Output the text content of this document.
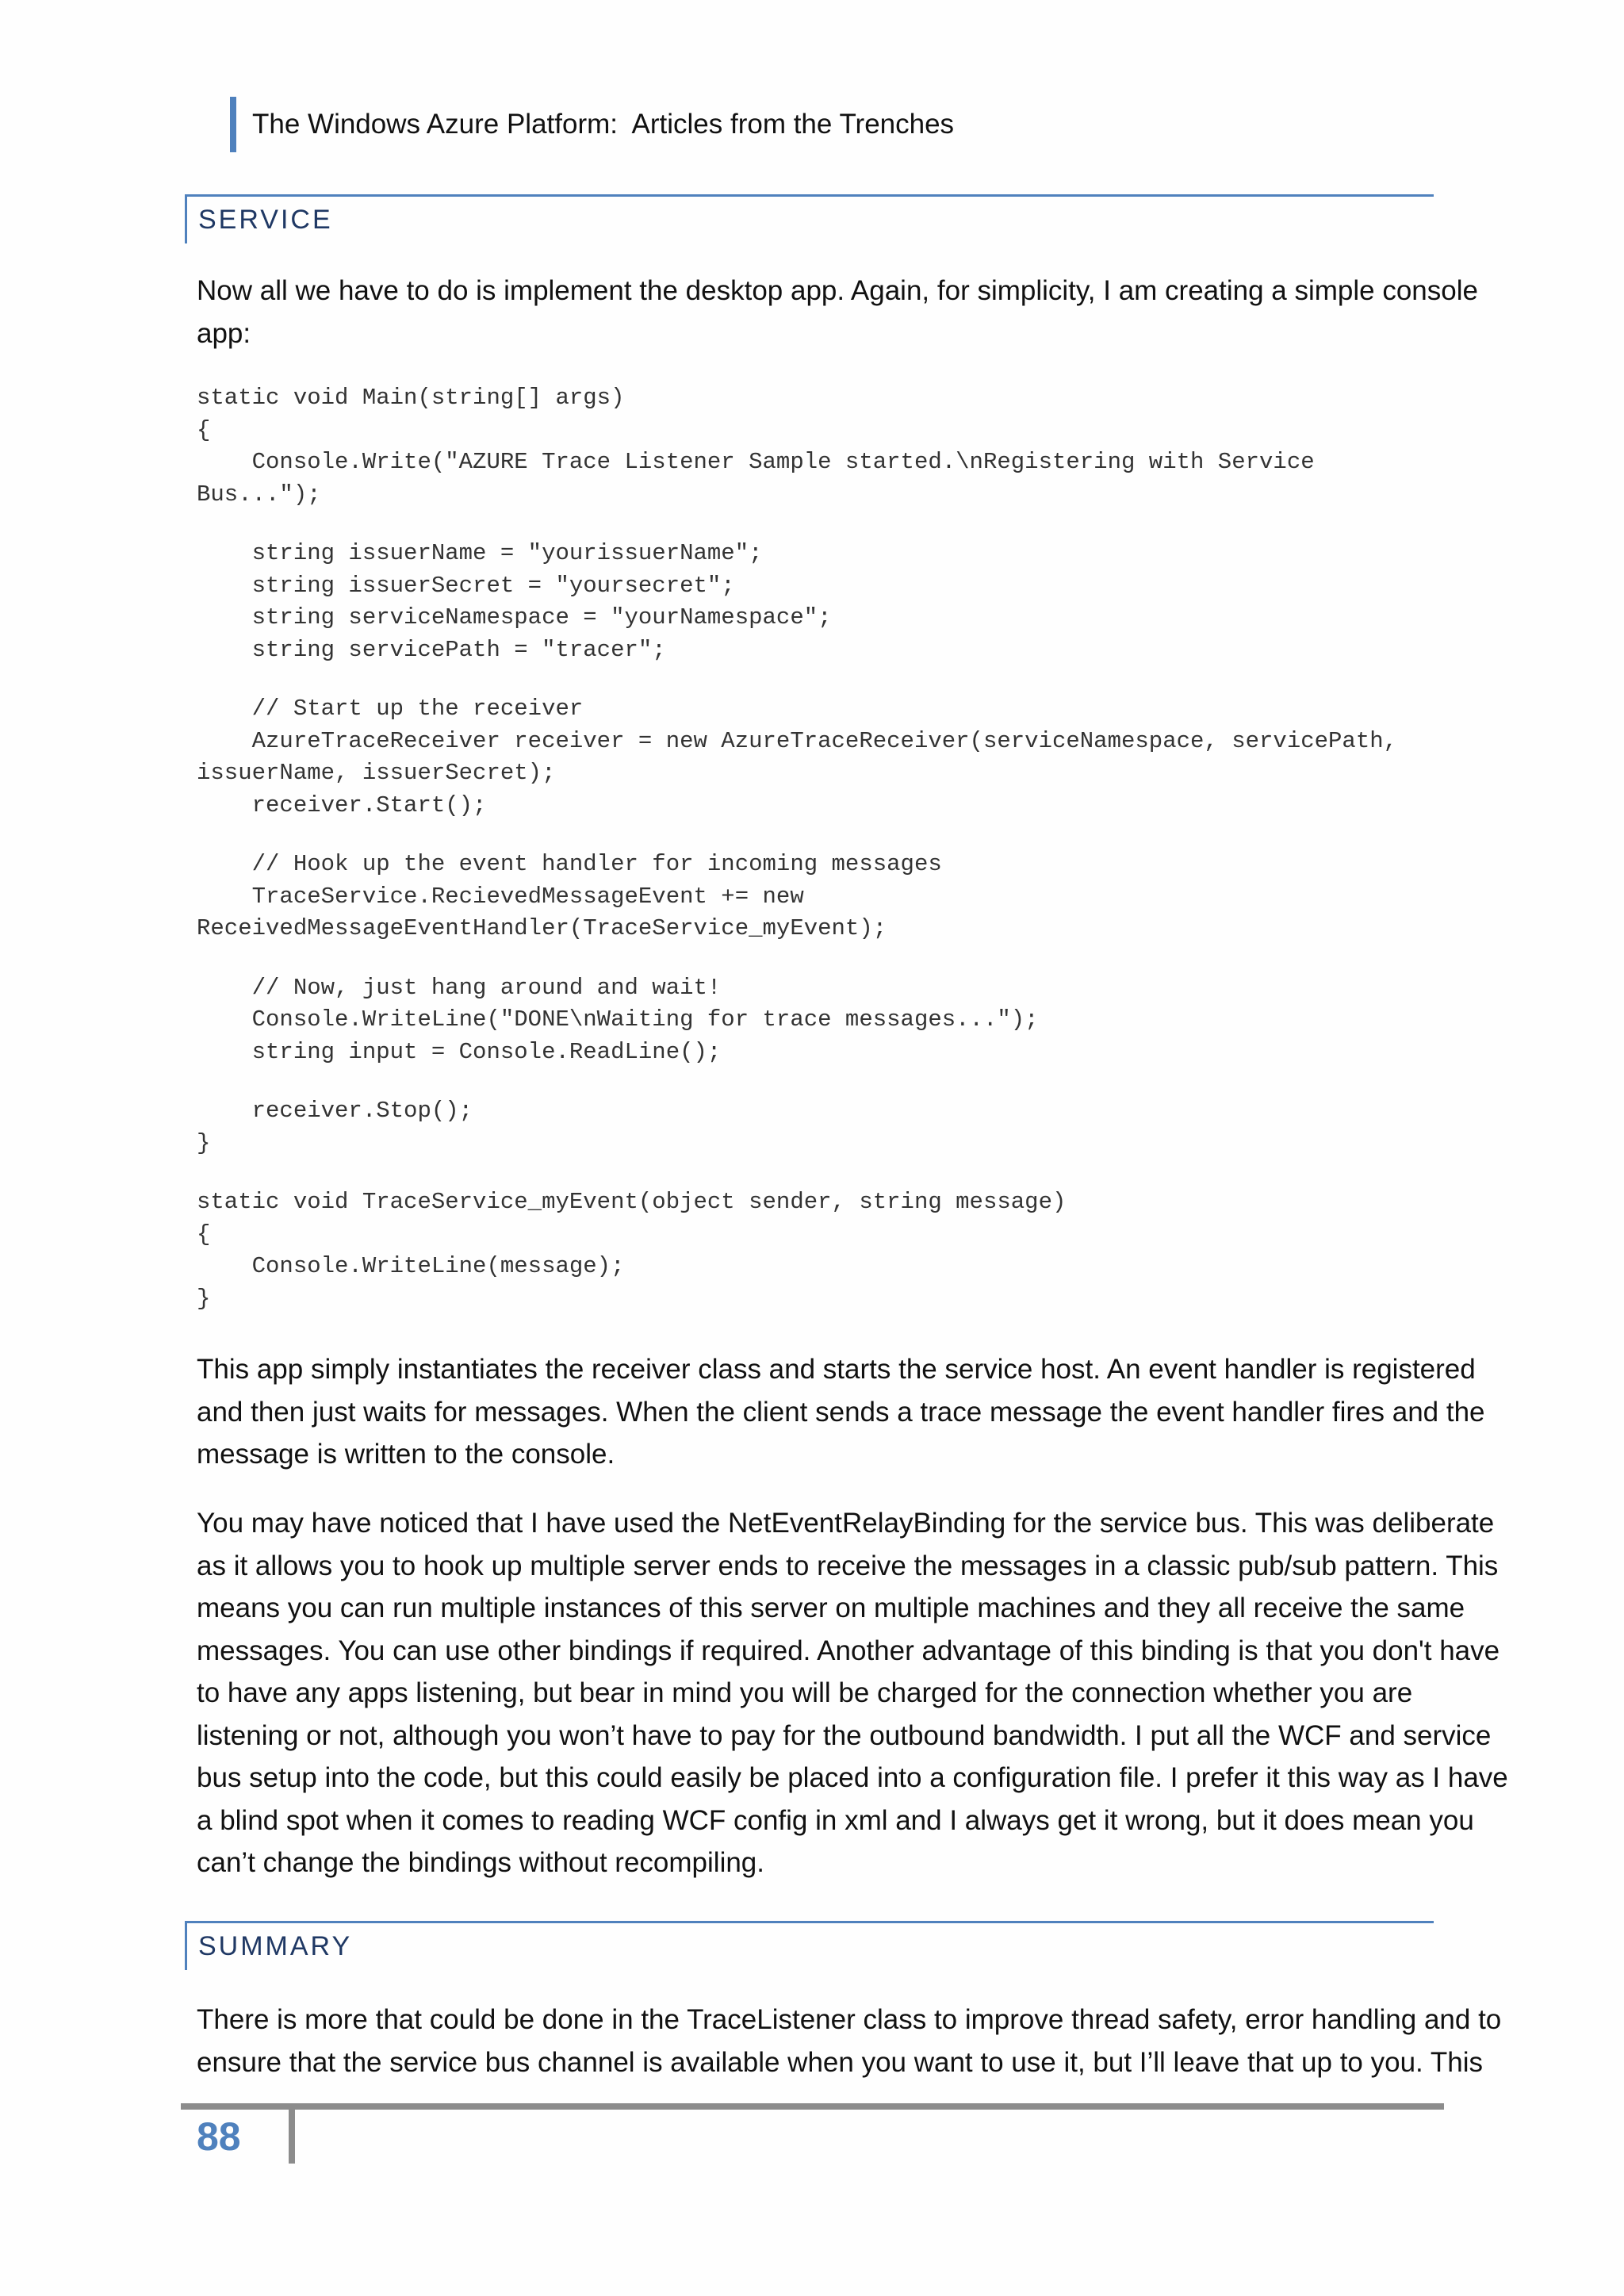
The Windows Azure Platform:  Articles from the Trenches
SERVICE

Now all we have to do is implement the desktop app. Again, for simplicity, I am creating a simple console app:

static void Main(string[] args)
{
Console.Write("AZURE Trace Listener Sample started.\nRegistering with Service
Bus...");
string issuerName = "yourissuerName";
string issuerSecret = "yoursecret";
string serviceNamespace = "yourNamespace";
string servicePath = "tracer";
// Start up the receiver
AzureTraceReceiver receiver = new AzureTraceReceiver(serviceNamespace, servicePath,
issuerName, issuerSecret);
receiver.Start();
// Hook up the event handler for incoming messages
TraceService.RecievedMessageEvent += new
ReceivedMessageEventHandler(TraceService_myEvent);
// Now, just hang around and wait!
Console.WriteLine("DONE\nWaiting for trace messages...");
string input = Console.ReadLine();
receiver.Stop();
}
static void TraceService_myEvent(object sender, string message)
{
Console.WriteLine(message);
}

This app simply instantiates the receiver class and starts the service host. An event handler is registered and then just waits for messages. When the client sends a trace message the event handler fires and the message is written to the console.

You may have noticed that I have used the NetEventRelayBinding for the service bus. This was deliberate as it allows you to hook up multiple server ends to receive the messages in a classic pub/sub pattern. This means you can run multiple instances of this server on multiple machines and they all receive the same messages. You can use other bindings if required. Another advantage of this binding is that you don't have to have any apps listening, but bear in mind you will be charged for the connection whether you are listening or not, although you won’t have to pay for the outbound bandwidth. I put all the WCF and service bus setup into the code, but this could easily be placed into a configuration file. I prefer it this way as I have a blind spot when it comes to reading WCF config in xml and I always get it wrong, but it does mean you can’t change the bindings without recompiling.

SUMMARY

There is more that could be done in the TraceListener class to improve thread safety, error handling and to ensure that the service bus channel is available when you want to use it, but I’ll leave that up to you. This

88
